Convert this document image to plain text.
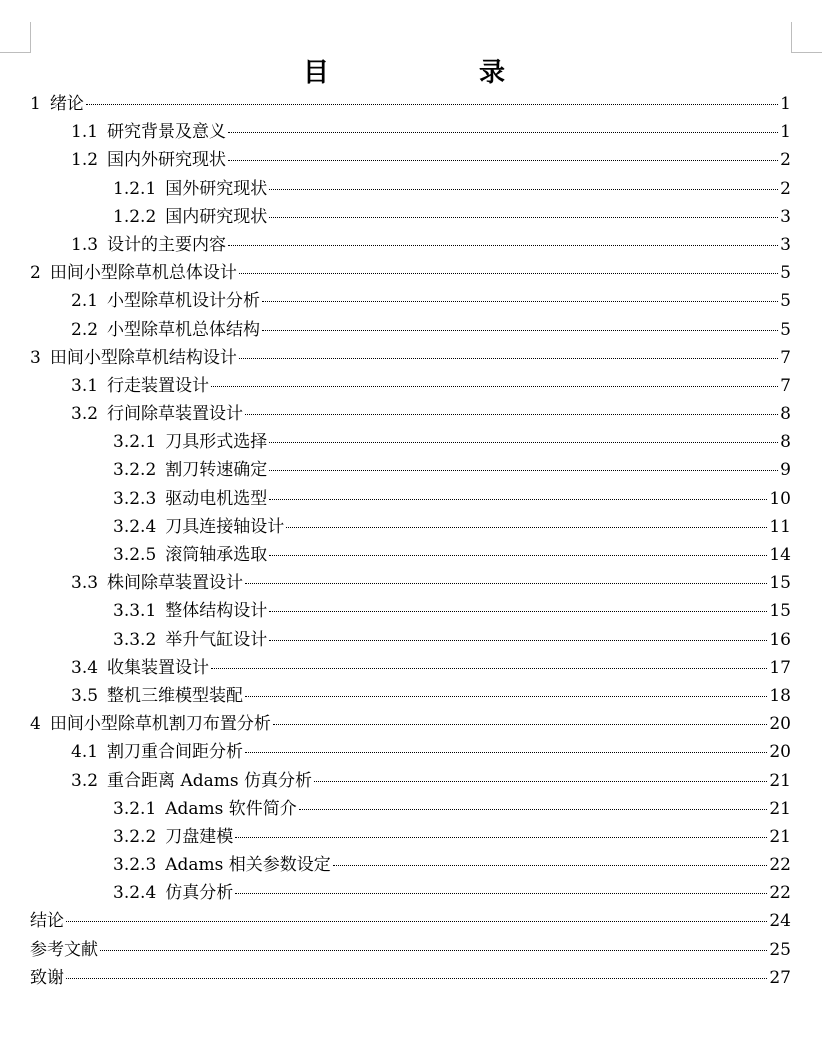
目　录
1 绪论	1
1.1 研究背景及意义	1
1.2 国内外研究现状	2
1.2.1 国外研究现状	2
1.2.2 国内研究现状	3
1.3 设计的主要内容	3
2 田间小型除草机总体设计	5
2.1 小型除草机设计分析	5
2.2 小型除草机总体结构	5
3 田间小型除草机结构设计	7
3.1 行走装置设计	7
3.2 行间除草装置设计	8
3.2.1 刀具形式选择	8
3.2.2 割刀转速确定	9
3.2.3 驱动电机选型	10
3.2.4 刀具连接轴设计	11
3.2.5 滚筒轴承选取	14
3.3 株间除草装置设计	15
3.3.1 整体结构设计	15
3.3.2 举升气缸设计	16
3.4 收集装置设计	17
3.5 整机三维模型装配	18
4 田间小型除草机割刀布置分析	20
4.1 割刀重合间距分析	20
3.2 重合距离 Adams 仿真分析	21
3.2.1 Adams 软件简介	21
3.2.2 刀盘建模	21
3.2.3 Adams 相关参数设定	22
3.2.4 仿真分析	22
结论	24
参考文献	25
致谢	27
